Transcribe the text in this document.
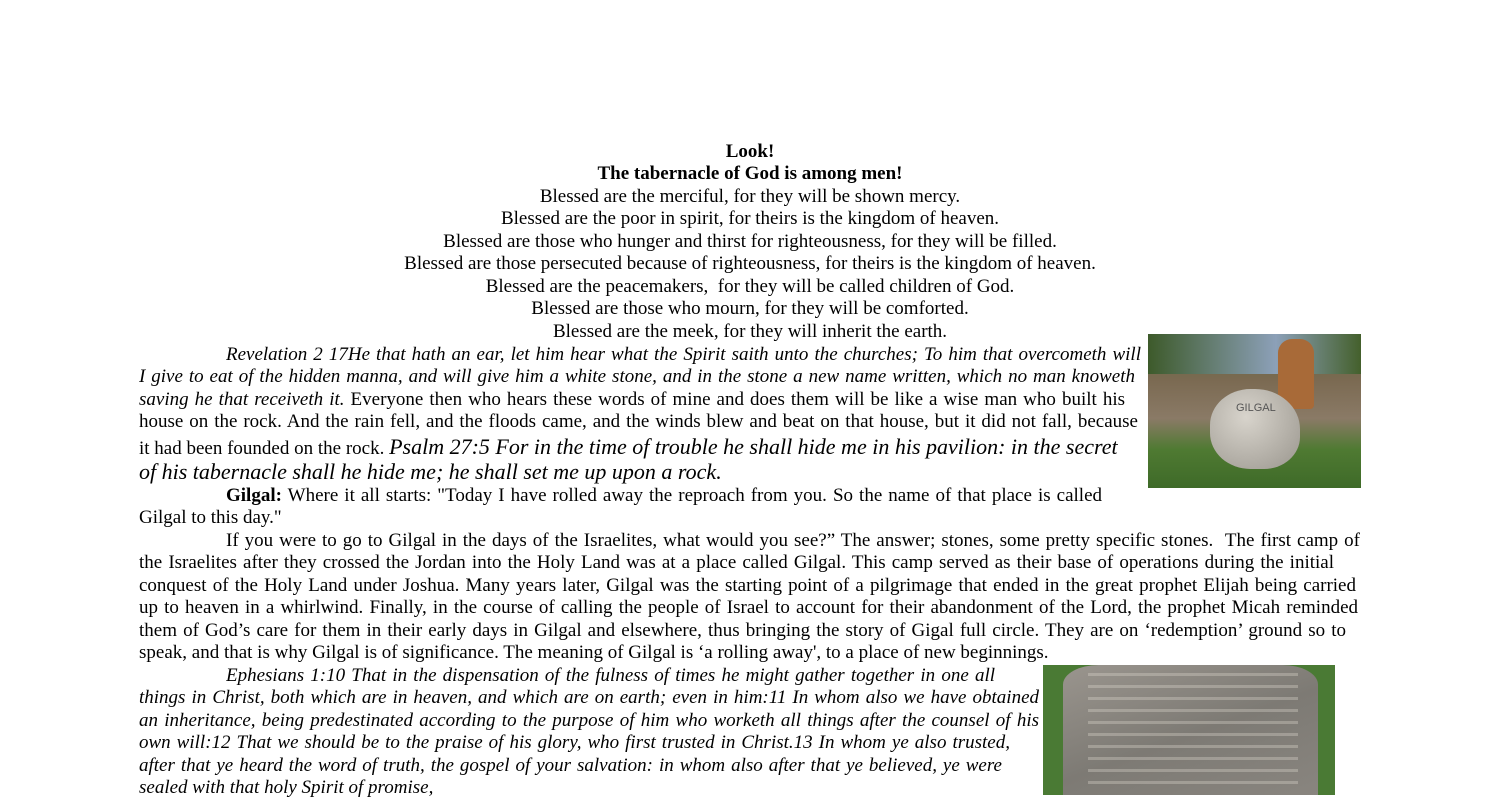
Look!
The tabernacle of God is among men!
Blessed are the merciful, for they will be shown mercy.
Blessed are the poor in spirit, for theirs is the kingdom of heaven.
Blessed are those who hunger and thirst for righteousness, for they will be filled.
Blessed are those persecuted because of righteousness, for theirs is the kingdom of heaven.
Blessed are the peacemakers,  for they will be called children of God.
Blessed are those who mourn, for they will be comforted.
Blessed are the meek, for they will inherit the earth.
Revelation 2 17He that hath an ear, let him hear what the Spirit saith unto the churches; To him that overcometh will
I give to eat of the hidden manna, and will give him a white stone, and in the stone a new name written, which no man knoweth
saving he that receiveth it. Everyone then who hears these words of mine and does them will be like a wise man who built his
house on the rock. And the rain fell, and the floods came, and the winds blew and beat on that house, but it did not fall, because
it had been founded on the rock. Psalm 27:5 For in the time of trouble he shall hide me in his pavilion: in the secret
of his tabernacle shall he hide me; he shall set me up upon a rock.
Gilgal: Where it all starts: "Today I have rolled away the reproach from you. So the name of that place is called
Gilgal to this day."
If you were to go to Gilgal in the days of the Israelites, what would you see?” The answer; stones, some pretty specific stones.  The first camp of
the Israelites after they crossed the Jordan into the Holy Land was at a place called Gilgal. This camp served as their base of operations during the initial
conquest of the Holy Land under Joshua. Many years later, Gilgal was the starting point of a pilgrimage that ended in the great prophet Elijah being carried
up to heaven in a whirlwind. Finally, in the course of calling the people of Israel to account for their abandonment of the Lord, the prophet Micah reminded
them of God’s care for them in their early days in Gilgal and elsewhere, thus bringing the story of Gigal full circle. They are on ‘redemption’ ground so to
speak, and that is why Gilgal is of significance. The meaning of Gilgal is ‘a rolling away', to a place of new beginnings.
Ephesians 1:10 That in the dispensation of the fulness of times he might gather together in one all
things in Christ, both which are in heaven, and which are on earth; even in him:11 In whom also we have obtained
an inheritance, being predestinated according to the purpose of him who worketh all things after the counsel of his
own will:12 That we should be to the praise of his glory, who first trusted in Christ.13 In whom ye also trusted,
after that ye heard the word of truth, the gospel of your salvation: in whom also after that ye believed, ye were
sealed with that holy Spirit of promise,
GILGAL
